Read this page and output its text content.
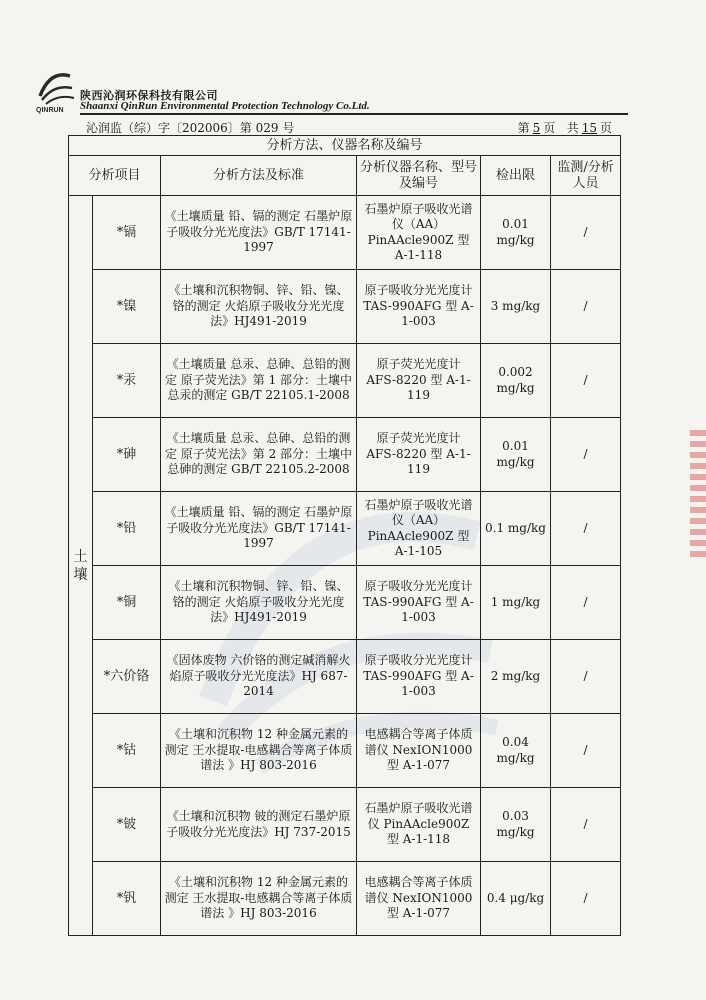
QINRUN
陕西沁润环保科技有限公司
Shaanxi QinRun Environmental Protection Technology Co.Ltd.
沁润监（综）字〔202006〕第 029 号	第 5 页 共 15 页
分析方法、仪器名称及编号					
分析项目		分析方法及标准	分析仪器名称、型号及编号	检出限	监测/分析人员
土
壤	*镉	《土壤质量 铅、镉的测定 石墨炉原子吸收分光光度法》GB/T 17141-1997	石墨炉原子吸收光谱仪（AA）PinAAcle900Z 型 A-1-118	0.01 mg/kg	/
	*镍	《土壤和沉积物铜、锌、铅、镍、铬的测定 火焰原子吸收分光光度法》HJ491-2019	原子吸收分光光度计 TAS-990AFG 型 A-1-003	3 mg/kg	/
	*汞	《土壤质量 总汞、总砷、总铅的测定 原子荧光法》第 1 部分：土壤中总汞的测定 GB/T 22105.1-2008	原子荧光光度计 AFS-8220 型 A-1-119	0.002 mg/kg	/
	*砷	《土壤质量 总汞、总砷、总铅的测定 原子荧光法》第 2 部分：土壤中总砷的测定 GB/T 22105.2-2008	原子荧光光度计 AFS-8220 型 A-1-119	0.01 mg/kg	/
	*铅	《土壤质量 铅、镉的测定 石墨炉原子吸收分光光度法》GB/T 17141-1997	石墨炉原子吸收光谱仪（AA）PinAAcle900Z 型 A-1-105	0.1 mg/kg	/
	*铜	《土壤和沉积物铜、锌、铅、镍、铬的测定 火焰原子吸收分光光度法》HJ491-2019	原子吸收分光光度计 TAS-990AFG 型 A-1-003	1 mg/kg	/
	*六价铬	《固体废物 六价铬的测定碱消解火焰原子吸收分光光度法》HJ 687-2014	原子吸收分光光度计 TAS-990AFG 型 A-1-003	2 mg/kg	/
	*钴	《土壤和沉积物 12 种金属元素的测定 王水提取-电感耦合等离子体质谱法 》HJ 803-2016	电感耦合等离子体质谱仪 NexION1000 型 A-1-077	0.04 mg/kg	/
	*铍	《土壤和沉积物 铍的测定石墨炉原子吸收分光光度法》HJ 737-2015	石墨炉原子吸收光谱仪 PinAAcle900Z 型 A-1-118	0.03 mg/kg	/
	*钒	《土壤和沉积物 12 种金属元素的测定 王水提取-电感耦合等离子体质谱法 》HJ 803-2016	电感耦合等离子体质谱仪 NexION1000 型 A-1-077	0.4 μg/kg	/
